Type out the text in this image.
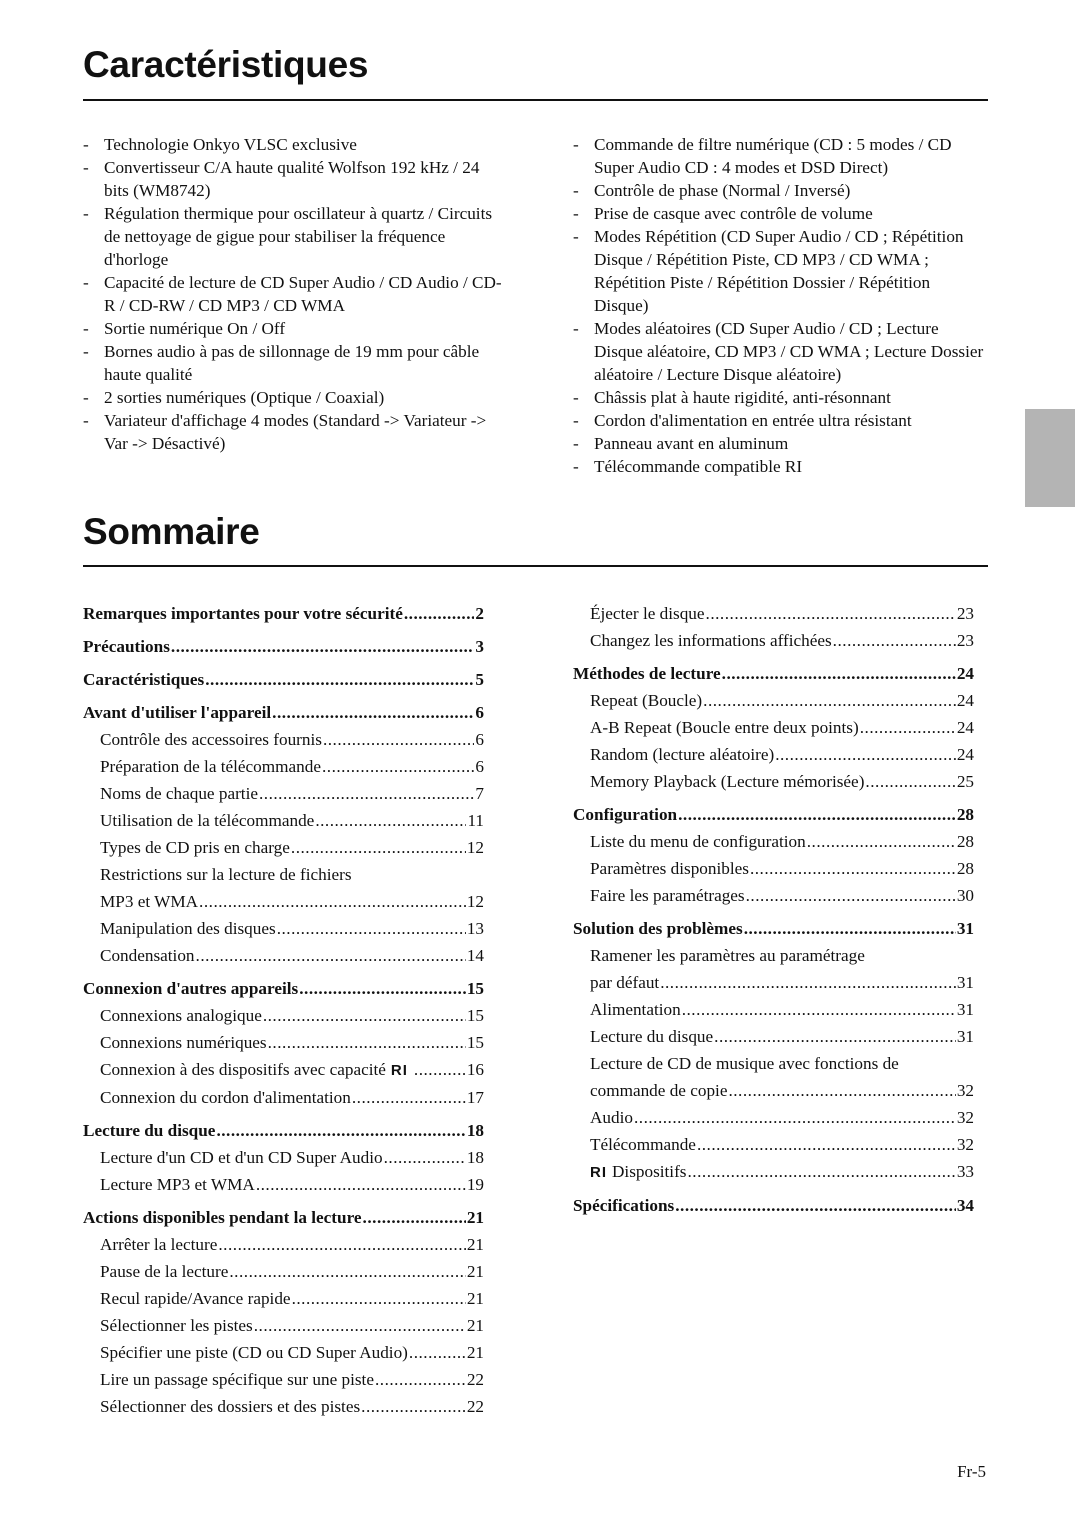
Caractéristiques
- Technologie Onkyo VLSC exclusive
- Convertisseur C/A haute qualité Wolfson 192 kHz / 24 bits (WM8742)
- Régulation thermique pour oscillateur à quartz / Circuits de nettoyage de gigue pour stabiliser la fréquence d'horloge
- Capacité de lecture de CD Super Audio / CD Audio / CD-R / CD-RW / CD MP3 / CD WMA
- Sortie numérique On / Off
- Bornes audio à pas de sillonnage de 19 mm pour câble haute qualité
- 2 sorties numériques (Optique / Coaxial)
- Variateur d'affichage 4 modes (Standard -> Variateur -> Var -> Désactivé)
- Commande de filtre numérique (CD : 5 modes / CD Super Audio CD : 4 modes et DSD Direct)
- Contrôle de phase (Normal / Inversé)
- Prise de casque avec contrôle de volume
- Modes Répétition (CD Super Audio / CD ; Répétition Disque / Répétition Piste, CD MP3 / CD WMA ; Répétition Piste / Répétition Dossier / Répétition Disque)
- Modes aléatoires (CD Super Audio / CD ; Lecture Disque aléatoire, CD MP3 / CD WMA ; Lecture Dossier aléatoire / Lecture Disque aléatoire)
- Châssis plat à haute rigidité, anti-résonnant
- Cordon d'alimentation en entrée ultra résistant
- Panneau avant en aluminum
- Télécommande compatible RI
Sommaire
Remarques importantes pour votre sécurité .....	2
Précautions .....	3
Caractéristiques .....	5
Avant d'utiliser l'appareil .....	6
Contrôle des accessoires fournis .....	6
Préparation de la télécommande .....	6
Noms de chaque partie .....	7
Utilisation de la télécommande .....	11
Types de CD pris en charge .....	12
Restrictions sur la lecture de fichiers
MP3 et WMA .....	12
Manipulation des disques .....	13
Condensation .....	14
Connexion d'autres appareils .....	15
Connexions analogique .....	15
Connexions numériques .....	15
Connexion à des dispositifs avec capacité RI .....	16
Connexion du cordon d'alimentation .....	17
Lecture du disque .....	18
Lecture d'un CD et d'un CD Super Audio .....	18
Lecture MP3 et WMA .....	19
Actions disponibles pendant la lecture .....	21
Arrêter la lecture .....	21
Pause de la lecture .....	21
Recul rapide/Avance rapide .....	21
Sélectionner les pistes .....	21
Spécifier une piste (CD ou CD Super Audio) .....	21
Lire un passage spécifique sur une piste .....	22
Sélectionner des dossiers et des pistes .....	22
Éjecter le disque .....	23
Changez les informations affichées .....	23
Méthodes de lecture .....	24
Repeat (Boucle) .....	24
A-B Repeat (Boucle entre deux points) .....	24
Random (lecture aléatoire) .....	24
Memory Playback (Lecture mémorisée) .....	25
Configuration .....	28
Liste du menu de configuration .....	28
Paramètres disponibles .....	28
Faire les paramétrages .....	30
Solution des problèmes .....	31
Ramener les paramètres au paramétrage
par défaut .....	31
Alimentation .....	31
Lecture du disque .....	31
Lecture de CD de musique avec fonctions de
commande de copie .....	32
Audio .....	32
Télécommande .....	32
RI Dispositifs .....	33
Spécifications .....	34
Fr-5
